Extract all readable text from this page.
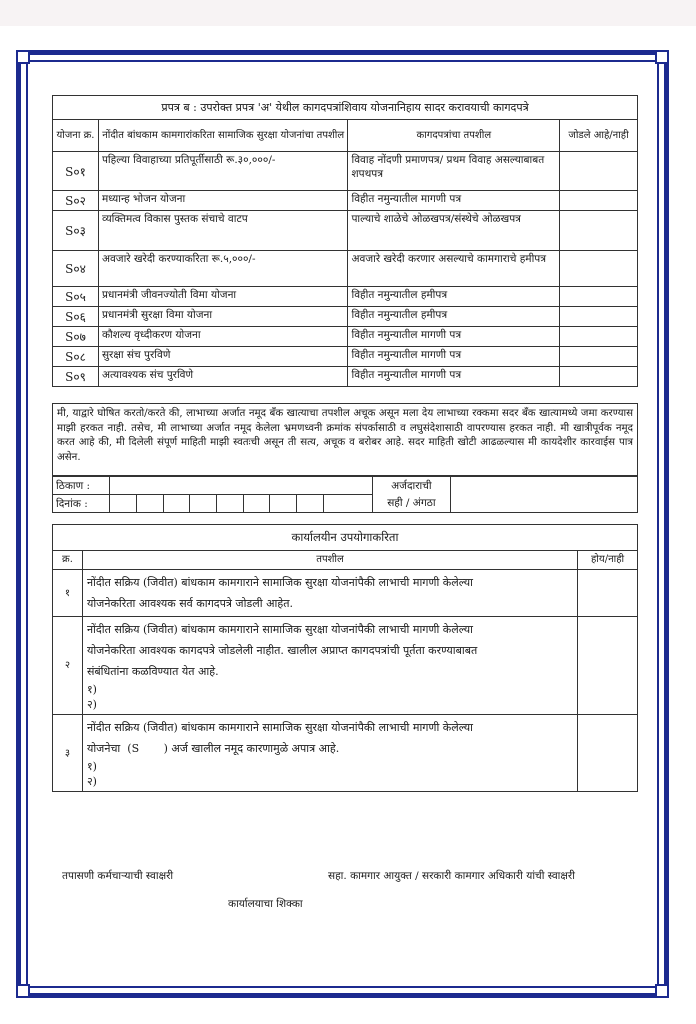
प्रपत्र ब : उपरोक्त प्रपत्र 'अ' येथील कागदपत्रांशिवाय योजनानिहाय सादर करावयाची कागदपत्रे			
योजना क्र.	नोंदीत बांधकाम कामगारांकरिता सामाजिक सुरक्षा योजनांचा तपशील	कागदपत्रांचा तपशील	जोडले आहे/नाही
S०१	पहिल्या विवाहाच्या प्रतिपूर्तीसाठी रू.३०,०००/-	विवाह नोंदणी प्रमाणपत्र/ प्रथम विवाह असल्याबाबत शपथपत्र	
S०२	मध्यान्ह भोजन योजना	विहीत नमुन्यातील मागणी पत्र	
S०३	व्यक्तिमत्व विकास पुस्तक संचाचे वाटप	पाल्याचे शाळेचे ओळखपत्र/संस्थेचे ओळखपत्र	
S०४	अवजारे खरेदी करण्याकरिता रू.५,०००/-	अवजारे खरेदी करणार असल्याचे कामगाराचे हमीपत्र	
S०५	प्रधानमंत्री जीवनज्योती विमा योजना	विहीत नमुन्यातील हमीपत्र	
S०६	प्रधानमंत्री सुरक्षा विमा योजना	विहीत नमुन्यातील हमीपत्र	
S०७	कौशल्य वृध्दीकरण योजना	विहीत नमुन्यातील मागणी पत्र	
S०८	सुरक्षा संच पुरविणे	विहीत नमुन्यातील मागणी पत्र	
S०९	अत्यावश्यक संच पुरविणे	विहीत नमुन्यातील मागणी पत्र	
मी, याद्वारे घोषित करतो/करते की, लाभाच्या अर्जात नमूद बँक खात्याचा तपशील अचूक असून मला देय लाभाच्या रक्कमा सदर बँक खात्यामध्ये जमा करण्यास माझी हरकत नाही. तसेच, मी लाभाच्या अर्जात नमूद केलेला भ्रमणध्वनी क्रमांक संपर्कासाठी व लघुसंदेशासाठी वापरण्यास हरकत नाही. मी खात्रीपूर्वक नमूद करत आहे की, मी दिलेली संपूर्ण माहिती माझी स्वतःची असून ती सत्य, अचूक व बरोबर आहे. सदर माहिती खोटी आढळल्यास मी कायदेशीर कारवाईस पात्र असेन.
ठिकाण :										अर्जदाराची	
दिनांक :										सही / अंगठा	
कार्यालयीन उपयोगाकरिता		
क्र.	तपशील	होय/नाही
१	नोंदीत सक्रिय (जिवीत) बांधकाम कामगाराने सामाजिक सुरक्षा योजनांपैकी लाभाची मागणी केलेल्या
योजनेकरिता आवश्यक सर्व कागदपत्रे जोडली आहेत.	

२	नोंदीत सक्रिय (जिवीत) बांधकाम कामगाराने सामाजिक सुरक्षा योजनांपैकी लाभाची मागणी केलेल्या
योजनेकरिता आवश्यक कागदपत्रे जोडलेली नाहीत. खालील अप्राप्त कागदपत्रांची पूर्तता करण्याबाबत
संबंधितांना कळविण्यात येत आहे.
१)
२)	

३	नोंदीत सक्रिय (जिवीत) बांधकाम कामगाराने सामाजिक सुरक्षा योजनांपैकी लाभाची मागणी केलेल्या
योजनेचा  (S       ) अर्ज खालील नमूद कारणामुळे अपात्र आहे.
१)
२)	

तपासणी कर्मचाऱ्याची स्वाक्षरी	सहा. कामगार आयुक्त / सरकारी कामगार अधिकारी यांची स्वाक्षरी
कार्यालयाचा शिक्का
